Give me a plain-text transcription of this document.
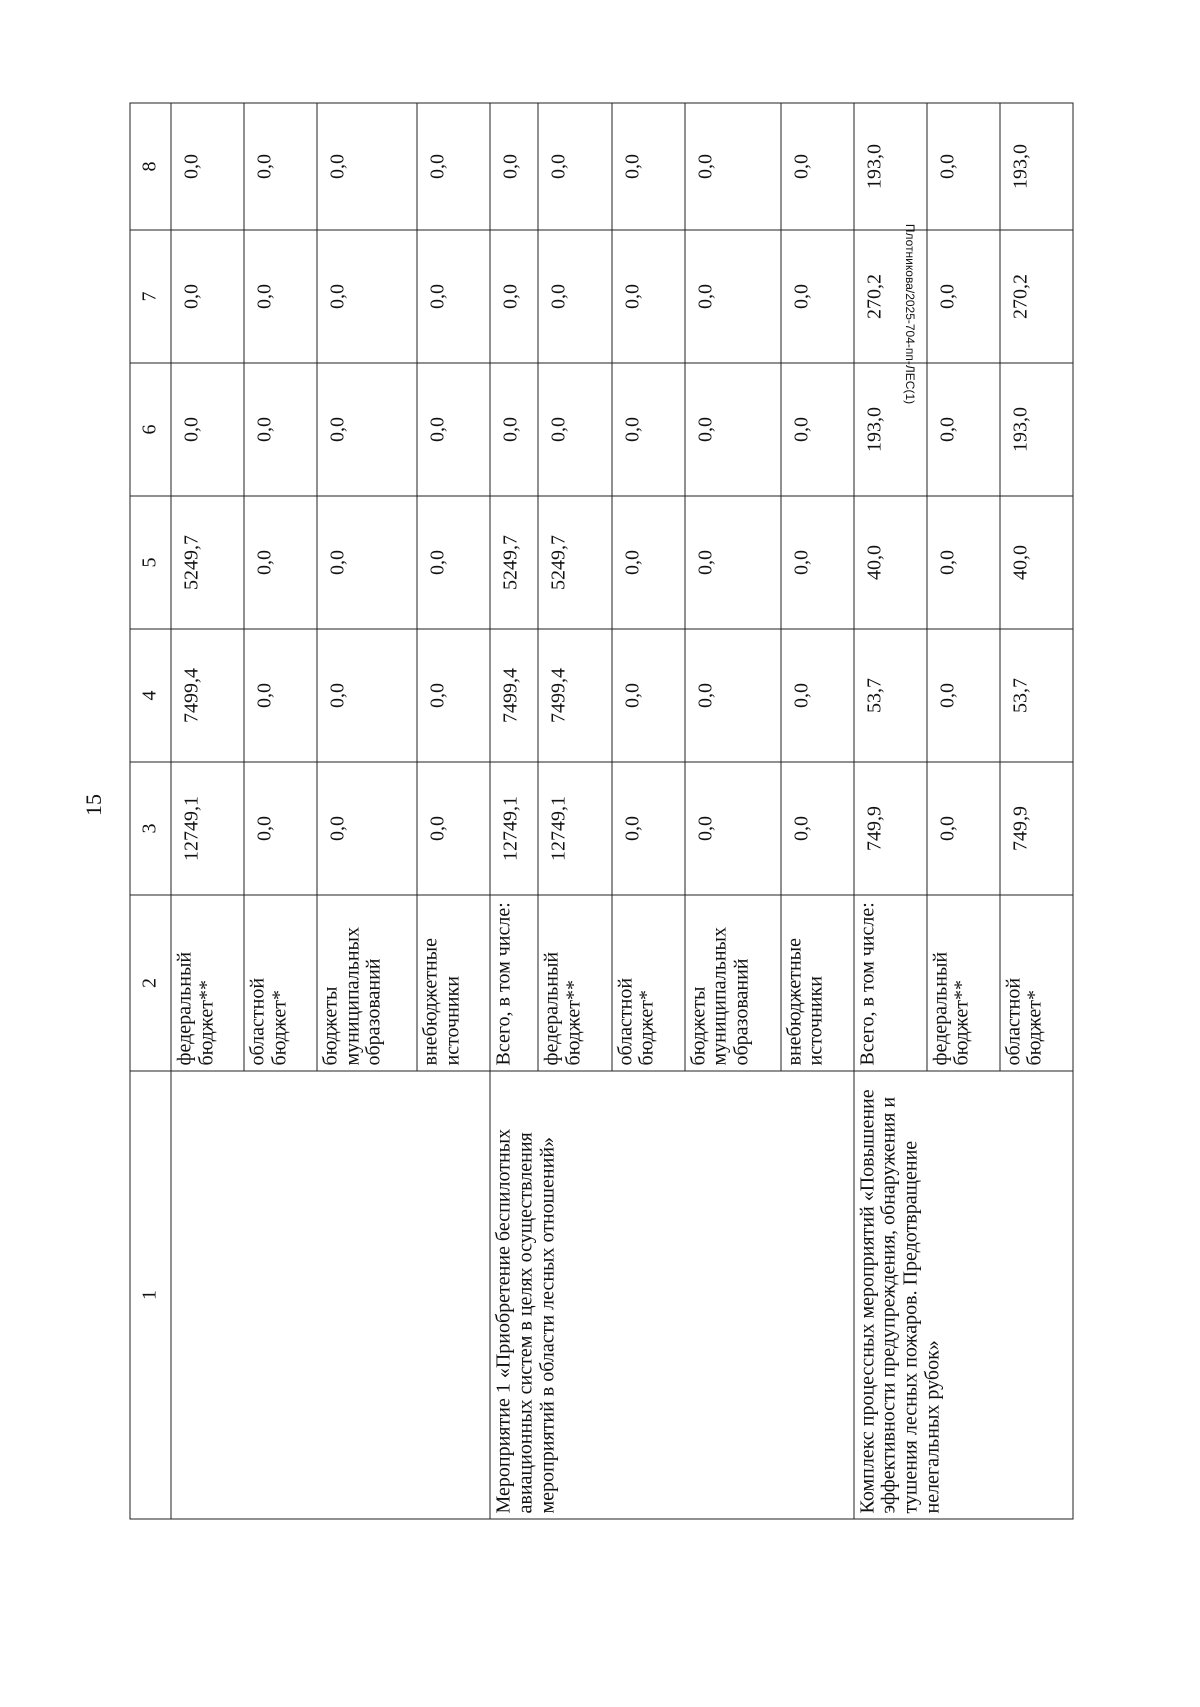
15
1	2	3	4	5	6	7	8
	федеральный бюджет**	12749,1	7499,4	5249,7	0,0	0,0	0,0
	областной бюджет*	0,0	0,0	0,0	0,0	0,0	0,0
	бюджеты муниципальных образований	0,0	0,0	0,0	0,0	0,0	0,0
	внебюджетные источники	0,0	0,0	0,0	0,0	0,0	0,0
Мероприятие 1 «Приобретение беспилотных авиационных систем в целях осуществления мероприятий в области лесных отношений»	Всего, в том числе:	12749,1	7499,4	5249,7	0,0	0,0	0,0
	федеральный бюджет**	12749,1	7499,4	5249,7	0,0	0,0	0,0
	областной бюджет*	0,0	0,0	0,0	0,0	0,0	0,0
	бюджеты муниципальных образований	0,0	0,0	0,0	0,0	0,0	0,0
	внебюджетные источники	0,0	0,0	0,0	0,0	0,0	0,0
Комплекс процессных мероприятий «Повышение эффективности предупреждения, обнаружения и тушения лесных пожаров. Предотвращение нелегальных рубок»	Всего, в том числе:	749,9	53,7	40,0	193,0	270,2	193,0
	федеральный бюджет**	0,0	0,0	0,0	0,0	0,0	0,0
	областной бюджет*	749,9	53,7	40,0	193,0	270,2	193,0
Плотникова/2025-704-пп-ЛЕС(1)
